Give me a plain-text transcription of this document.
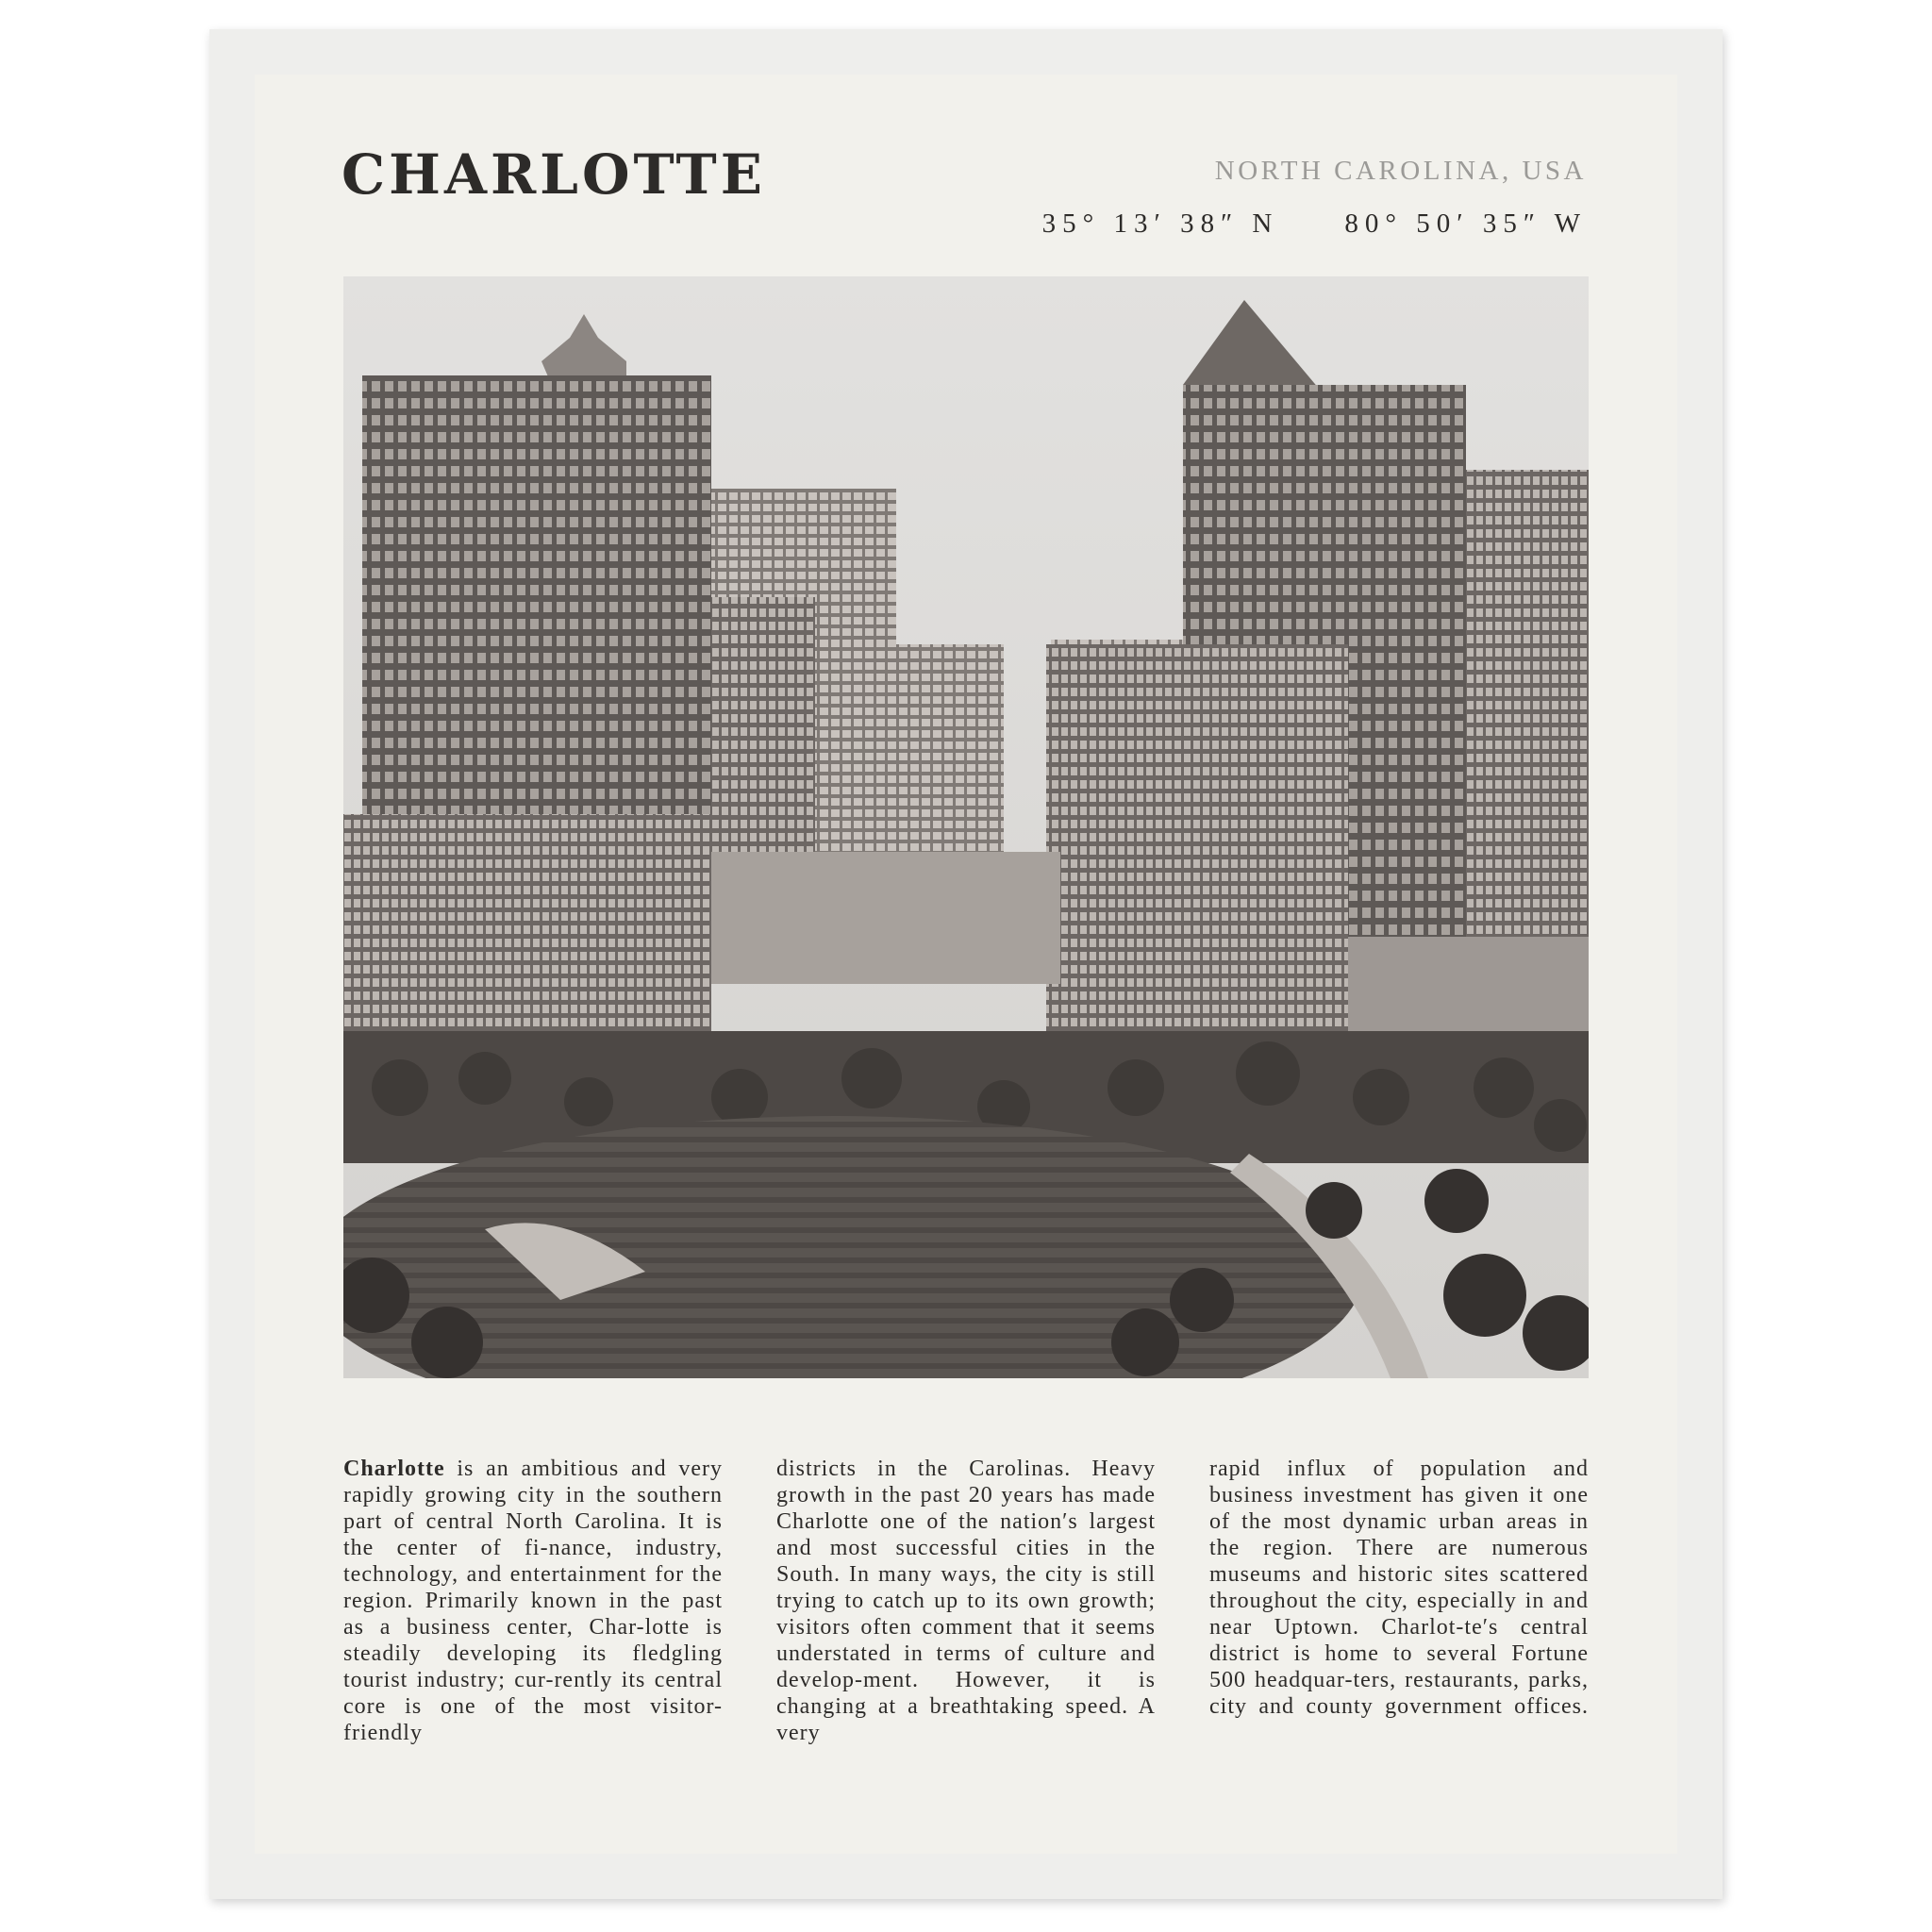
CHARLOTTE	NORTH CAROLINA, USA
35° 13′ 38″ N 80° 50′ 35″ W
Charlotte is an ambitious and very rapidly growing city in the southern part of central North Carolina. It is the center of fi-nance, industry, technology, and entertainment for the region. Primarily known in the past as a business center, Char-lotte is steadily developing its fledgling tourist industry; cur-rently its central core is one of the most visitor-friendly
districts in the Carolinas. Heavy growth in the past 20 years has made Charlotte one of the nation′s largest and most successful cities in the South. In many ways, the city is still trying to catch up to its own growth; visitors often comment that it seems understated in terms of culture and develop-ment. However, it is changing at a breathtaking speed. A very
rapid influx of population and business investment has given it one of the most dynamic urban areas in the region. There are numerous museums and historic sites scattered throughout the city, especially in and near Uptown. Charlot-te′s central district is home to several Fortune 500 headquar-ters, restaurants, parks, city and county government offices.
